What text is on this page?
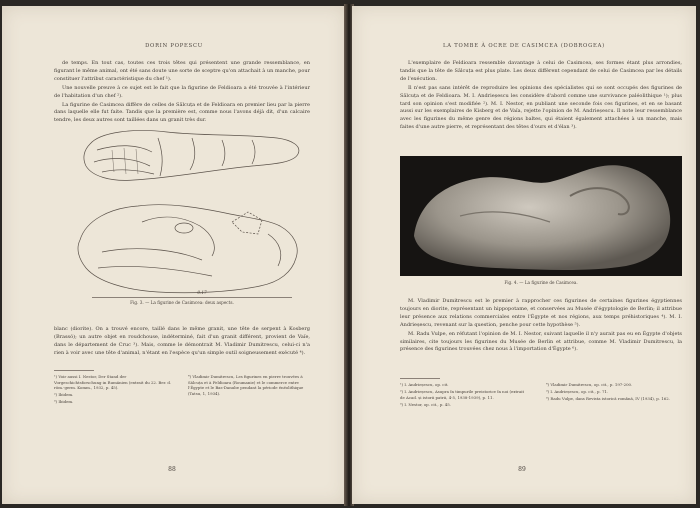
DORIN POPESCU

de temps. En tout cas, toutes ces trois têtes qui présentent une grande ressemblance, en figurant le même animal, ont été sans doute une sorte de sceptre qu'on attachait à un manche, pour constituer l'attribut caractéristique du chef ¹).

Une nouvelle preuve à ce sujet est le fait que la figurine de Feldioara a été trouvée à l'intérieur de l'habitation d'un chef ²).

La figurine de Casimcea diffère de celles de Sălcuța et de Feldioara en premier lieu par la pierre dans laquelle elle fut faite. Tandis que la première est, comme nous l'avons déjà dit, d'un calcaire tendre, les deux autres sont taillées dans un granit très dur.

Fig. 3. — La figurine de Casimcea: deux aspects.
0.17

blanc (diorite). On a trouvé encore, taillé dans le même granit, une tête de serpent à Kosberg (Brassó); un autre objet en roudchouse, indéterminé, fait d'un granit différent, provient de Vaïe, dans le département de Cruc ³). Mais, comme le démontrait M. Vladimir Dumitrescu, celui-ci n'a rien à voir avec une tête d'animal, n'étant en l'espèce qu'un simple outil soigneusement exécuté ⁴).

¹) Voir aussi I. Nestor, Der Stand der Vorgeschichtsforschung in Rumänien (extrait du 22. Ber. d. röm.-germ. Komm., 1932, p. 45).

²) Ibidem.

³) Ibidem.

⁴) Vladimir Dumitrescu, Les figurines en pierre trouvées à Sălcuța et à Feldioara (Roumanie) et le commerce entre l'Égypte et le Bas-Danube pendant la période énéolithique (Tatsu, 1, 1934).

88
LA TOMBE À OCRE DE CASIMCEA (DOBROGEA)

L'exemplaire de Feldioara ressemble davantage à celui de Casimcea, ses formes étant plus arrondies, tandis que la tête de Sălcuța est plus plate. Les deux diffèrent cependant de celui de Casimcea par les détails de l'exécution.

Il n'est pas sans intérêt de reproduire les opinions des spécialistes qui se sont occupés des figurines de Sălcuța et de Feldioara. M. I. Andrieșescu les considère d'abord comme une survivance paléolithique ¹); plus tard son opinion s'est modifiée ²). M. I. Nestor, en publiant une seconde fois ces figurines, et en se basant aussi sur les exemplaires de Kisberg et de Vaïa, rejette l'opinion de M. Andrieșescu. Il note leur ressemblance avec les figurines du même genre des régions baltes, qui étaient également attachées à un manche, mais faites d'une autre pierre, et représentant des têtes d'ours et d'élan ³).

Fig. 4. — La figurine de Casimcea.

M. Vladimir Dumitrescu est le premier à rapprocher ces figurines de certaines figurines égyptiennes toujours en diorite, représentant un hippopotame, et conservées au Musée d'égyptologie de Berlin; il attribue leur présence aux relations commerciales entre l'Égypte et nos régions, aux temps préhistoriques ⁴). M. I. Andrieșescu, revenant sur la question, penche pour cette hypothèse ⁵).

M. Radu Vulpe, en réfutant l'opinion de M. I. Nestor, suivant laquelle il n'y aurait pas eu en Égypte d'objets similaires, cite toujours les figurines du Musée de Berlin et attribue, comme M. Vladimir Dumitrescu, la présence des figurines trouvées chez nous à l'importation d'Égypte ⁶).

¹) I. Andrieșescu, op. cit.

²) I. Andrieșescu, Asupra în timpurile preistorice în noi (extrait de Acad. și istorii patrii, 4-5, 1938-1939), p. 11.

³) I. Nestor, op. cit., p. 45.

⁴) Vladimir Dumitrescu, op. cit., p. 197-200.

⁵) I. Andrieșescu, op. cit., p. 71.

⁶) Radu Vulpe, dans Revista istorică română, IV (1934), p. 162.

89
